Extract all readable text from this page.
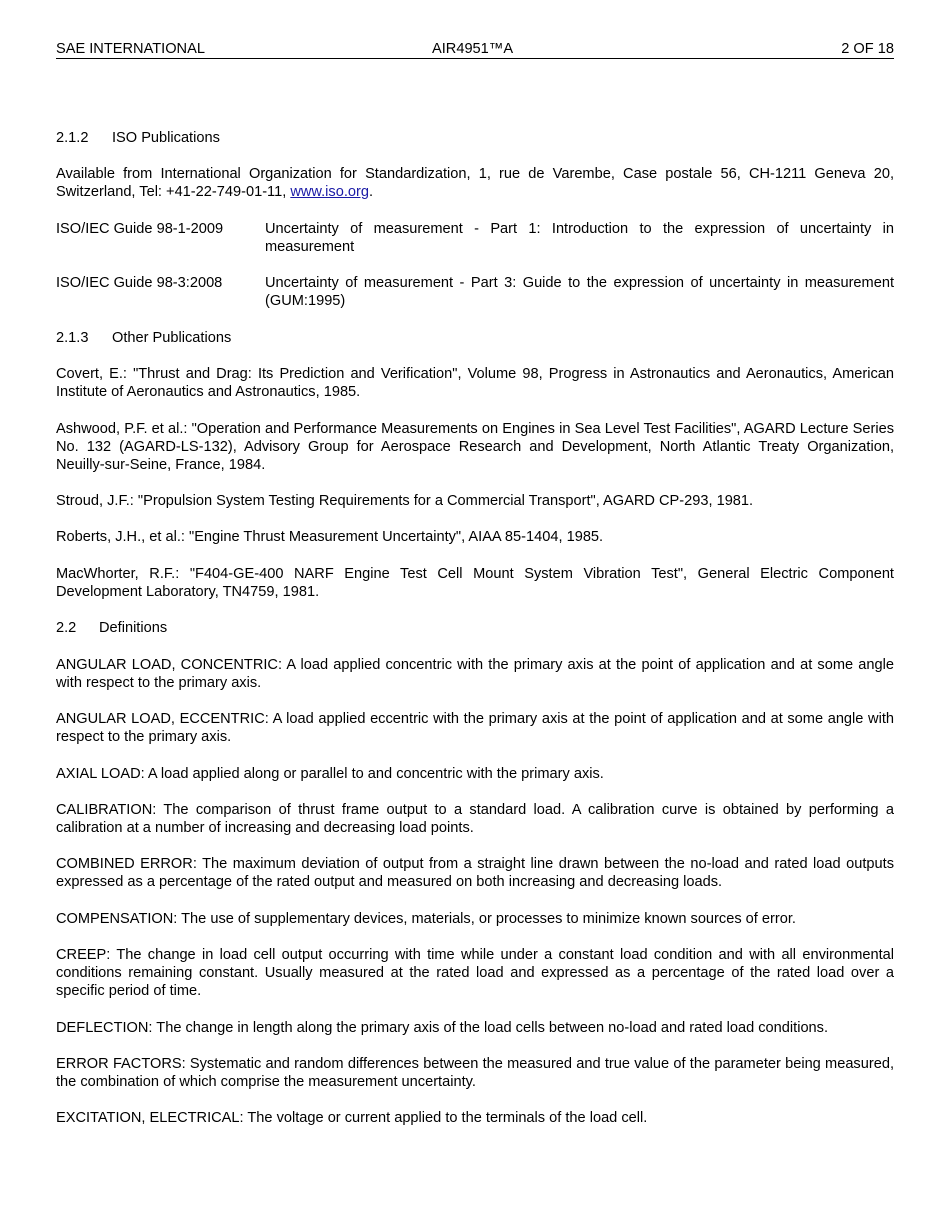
SAE INTERNATIONAL	AIR4951™A	2 OF 18
2.1.2 ISO Publications
Available from International Organization for Standardization, 1, rue de Varembe, Case postale 56, CH-1211 Geneva 20, Switzerland, Tel: +41-22-749-01-11, www.iso.org.
ISO/IEC Guide 98-1-2009	Uncertainty of measurement - Part 1: Introduction to the expression of uncertainty in measurement
ISO/IEC Guide 98-3:2008	Uncertainty of measurement - Part 3: Guide to the expression of uncertainty in measurement (GUM:1995)
2.1.3 Other Publications
Covert, E.: "Thrust and Drag: Its Prediction and Verification", Volume 98, Progress in Astronautics and Aeronautics, American Institute of Aeronautics and Astronautics, 1985.
Ashwood, P.F. et al.: "Operation and Performance Measurements on Engines in Sea Level Test Facilities", AGARD Lecture Series No. 132 (AGARD-LS-132), Advisory Group for Aerospace Research and Development, North Atlantic Treaty Organization, Neuilly-sur-Seine, France, 1984.
Stroud, J.F.: "Propulsion System Testing Requirements for a Commercial Transport", AGARD CP-293, 1981.
Roberts, J.H., et al.: "Engine Thrust Measurement Uncertainty", AIAA 85-1404, 1985.
MacWhorter, R.F.: "F404-GE-400 NARF Engine Test Cell Mount System Vibration Test", General Electric Component Development Laboratory, TN4759, 1981.
2.2 Definitions
ANGULAR LOAD, CONCENTRIC: A load applied concentric with the primary axis at the point of application and at some angle with respect to the primary axis.
ANGULAR LOAD, ECCENTRIC: A load applied eccentric with the primary axis at the point of application and at some angle with respect to the primary axis.
AXIAL LOAD: A load applied along or parallel to and concentric with the primary axis.
CALIBRATION: The comparison of thrust frame output to a standard load. A calibration curve is obtained by performing a calibration at a number of increasing and decreasing load points.
COMBINED ERROR: The maximum deviation of output from a straight line drawn between the no-load and rated load outputs expressed as a percentage of the rated output and measured on both increasing and decreasing loads.
COMPENSATION: The use of supplementary devices, materials, or processes to minimize known sources of error.
CREEP: The change in load cell output occurring with time while under a constant load condition and with all environmental conditions remaining constant. Usually measured at the rated load and expressed as a percentage of the rated load over a specific period of time.
DEFLECTION: The change in length along the primary axis of the load cells between no-load and rated load conditions.
ERROR FACTORS: Systematic and random differences between the measured and true value of the parameter being measured, the combination of which comprise the measurement uncertainty.
EXCITATION, ELECTRICAL: The voltage or current applied to the terminals of the load cell.
